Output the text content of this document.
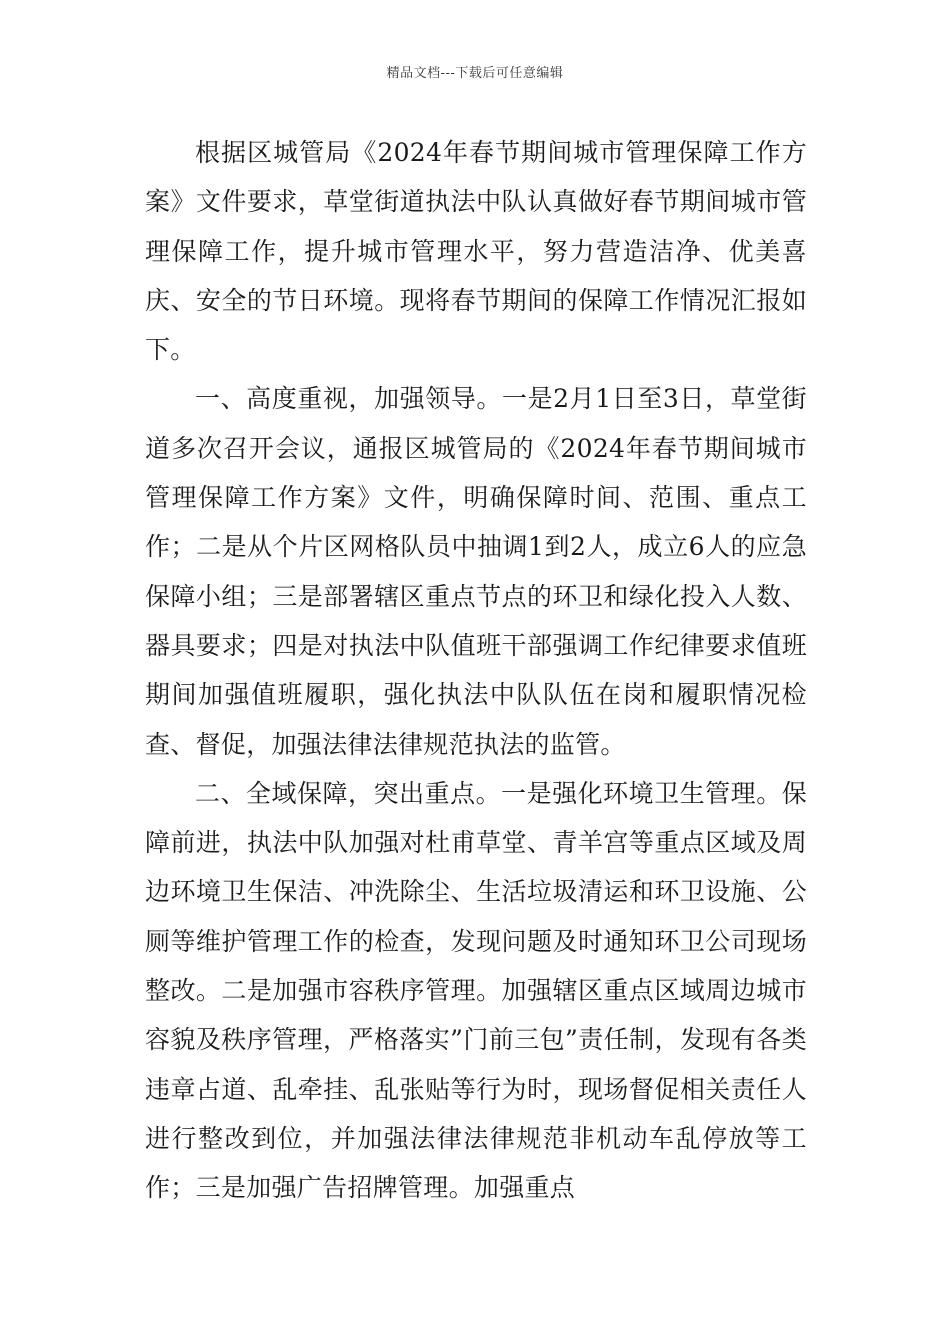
精品文档---下载后可任意编辑

根据区城管局《2024年春节期间城市管理保障工作方案》文件要求，草堂街道执法中队认真做好春节期间城市管理保障工作，提升城市管理水平，努力营造洁净、优美喜庆、安全的节日环境。现将春节期间的保障工作情况汇报如下。

一、高度重视，加强领导。一是2月1日至3日，草堂街道多次召开会议，通报区城管局的《2024年春节期间城市管理保障工作方案》文件，明确保障时间、范围、重点工作；二是从个片区网格队员中抽调1到2人，成立6人的应急保障小组；三是部署辖区重点节点的环卫和绿化投入人数、器具要求；四是对执法中队值班干部强调工作纪律要求值班期间加强值班履职，强化执法中队队伍在岗和履职情况检查、督促，加强法律法律规范执法的监管。

二、全域保障，突出重点。一是强化环境卫生管理。保障前进，执法中队加强对杜甫草堂、青羊宫等重点区域及周边环境卫生保洁、冲洗除尘、生活垃圾清运和环卫设施、公厕等维护管理工作的检查，发现问题及时通知环卫公司现场整改。二是加强市容秩序管理。加强辖区重点区域周边城市容貌及秩序管理，严格落实”门前三包”责任制，发现有各类违章占道、乱牵挂、乱张贴等行为时，现场督促相关责任人进行整改到位，并加强法律法律规范非机动车乱停放等工作；三是加强广告招牌管理。加强重点
